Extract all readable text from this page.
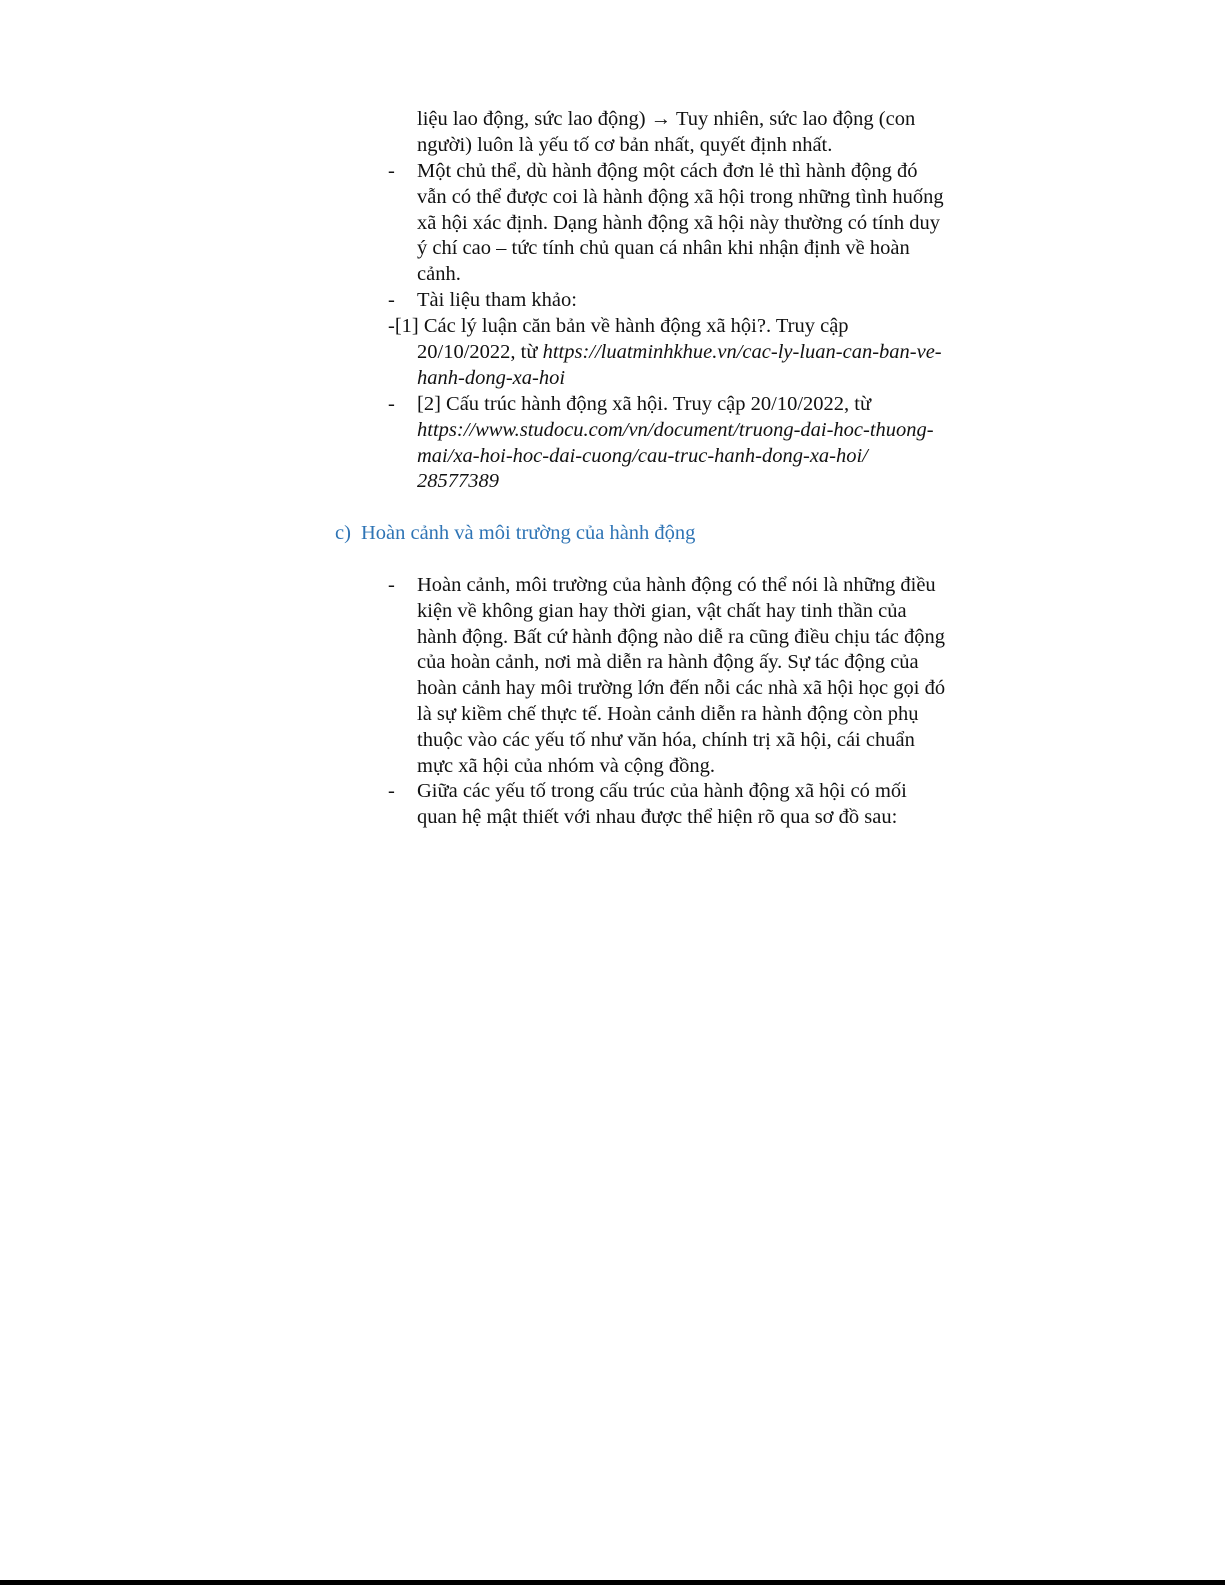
liệu lao động, sức lao động) → Tuy nhiên, sức lao động (con
người) luôn là yếu tố cơ bản nhất, quyết định nhất.
-	Một chủ thể, dù hành động một cách đơn lẻ thì hành động đó
vẫn có thể được coi là hành động xã hội trong những tình huống
xã hội xác định. Dạng hành động xã hội này thường có tính duy
ý chí cao – tức tính chủ quan cá nhân khi nhận định về hoàn
cảnh.
-	Tài liệu tham khảo:
-[1] Các lý luận căn bản về hành động xã hội?. Truy cập
20/10/2022, từ https://luatminhkhue.vn/cac-ly-luan-can-ban-ve-
hanh-dong-xa-hoi
-	[2] Cấu trúc hành động xã hội. Truy cập 20/10/2022, từ
https://www.studocu.com/vn/document/truong-dai-hoc-thuong-
mai/xa-hoi-hoc-dai-cuong/cau-truc-hanh-dong-xa-hoi/
28577389
c) Hoàn cảnh và môi trường của hành động
-	Hoàn cảnh, môi trường của hành động có thể nói là những điều
kiện về không gian hay thời gian, vật chất hay tinh thần của
hành động. Bất cứ hành động nào diễ ra cũng điều chịu tác động
của hoàn cảnh, nơi mà diễn ra hành động ấy. Sự tác động của
hoàn cảnh hay môi trường lớn đến nỗi các nhà xã hội học gọi đó
là sự kiềm chế thực tế. Hoàn cảnh diễn ra hành động còn phụ
thuộc vào các yếu tố như văn hóa, chính trị xã hội, cái chuẩn
mực xã hội của nhóm và cộng đồng.
-	Giữa các yếu tố trong cấu trúc của hành động xã hội có mối
quan hệ mật thiết với nhau được thể hiện rõ qua sơ đồ sau:
